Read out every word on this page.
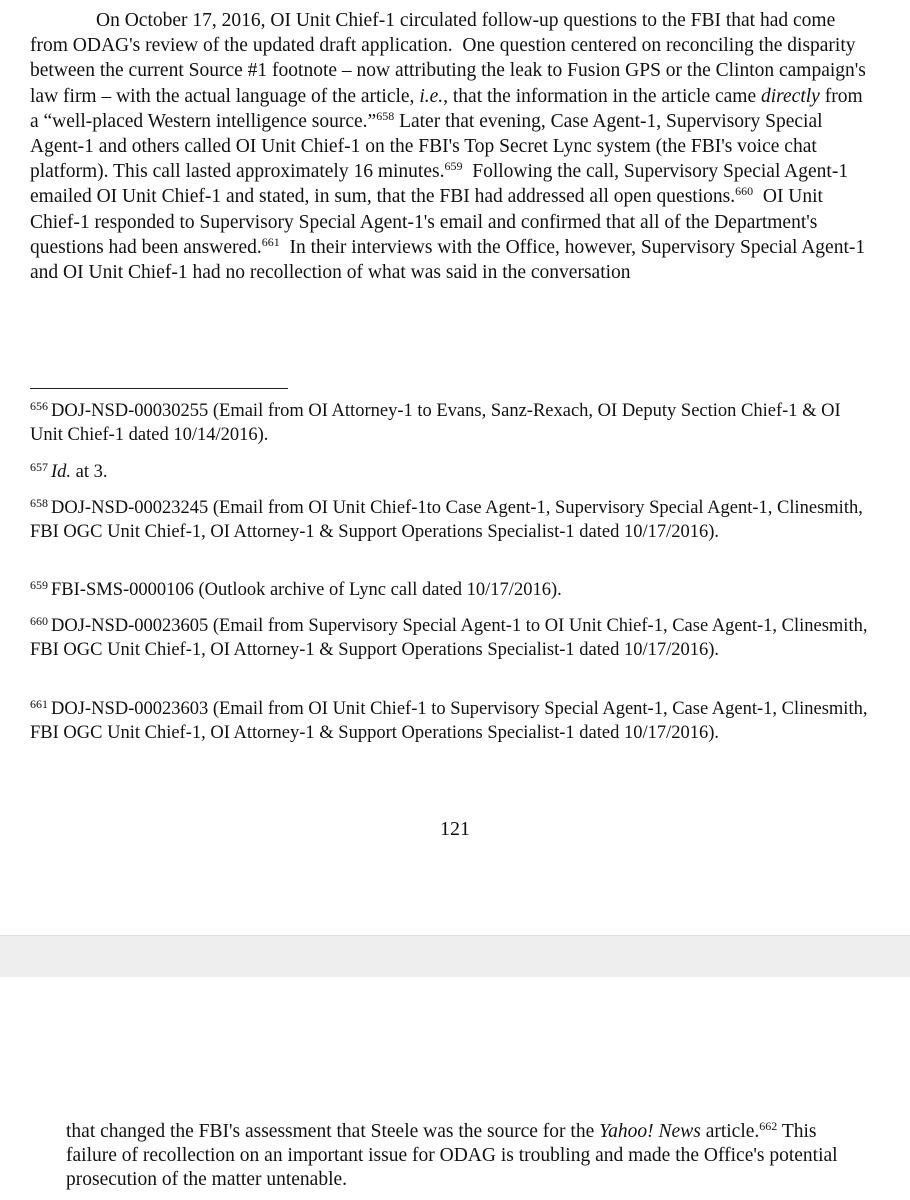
On October 17, 2016, OI Unit Chief-1 circulated follow-up questions to the FBI that had come from ODAG's review of the updated draft application. One question centered on reconciling the disparity between the current Source #1 footnote – now attributing the leak to Fusion GPS or the Clinton campaign's law firm – with the actual language of the article, i.e., that the information in the article came directly from a “well-placed Western intelligence source.”$^{658}$ Later that evening, Case Agent-1, Supervisory Special Agent-1 and others called OI Unit Chief-1 on the FBI's Top Secret Lync system (the FBI's voice chat platform). This call lasted approximately 16 minutes.$^{659}$ Following the call, Supervisory Special Agent-1 emailed OI Unit Chief-1 and stated, in sum, that the FBI had addressed all open questions.$^{660}$ OI Unit Chief-1 responded to Supervisory Special Agent-1's email and confirmed that all of the Department's questions had been answered.$^{661}$ In their interviews with the Office, however, Supervisory Special Agent-1 and OI Unit Chief-1 had no recollection of what was said in the conversation

$^{656}$ DOJ-NSD-00030255 (Email from OI Attorney-1 to Evans, Sanz-Rexach, OI Deputy Section Chief-1 & OI Unit Chief-1 dated 10/14/2016).

$^{657}$ Id. at 3.

$^{658}$ DOJ-NSD-00023245 (Email from OI Unit Chief-1to Case Agent-1, Supervisory Special Agent-1, Clinesmith, FBI OGC Unit Chief-1, OI Attorney-1 & Support Operations Specialist-1 dated 10/17/2016).

$^{659}$ FBI-SMS-0000106 (Outlook archive of Lync call dated 10/17/2016).

$^{660}$ DOJ-NSD-00023605 (Email from Supervisory Special Agent-1 to OI Unit Chief-1, Case Agent-1, Clinesmith, FBI OGC Unit Chief-1, OI Attorney-1 & Support Operations Specialist-1 dated 10/17/2016).

$^{661}$ DOJ-NSD-00023603 (Email from OI Unit Chief-1 to Supervisory Special Agent-1, Case Agent-1, Clinesmith, FBI OGC Unit Chief-1, OI Attorney-1 & Support Operations Specialist-1 dated 10/17/2016).

121

that changed the FBI's assessment that Steele was the source for the Yahoo! News article.$^{662}$ This failure of recollection on an important issue for ODAG is troubling and made the Office's potential prosecution of the matter untenable.
